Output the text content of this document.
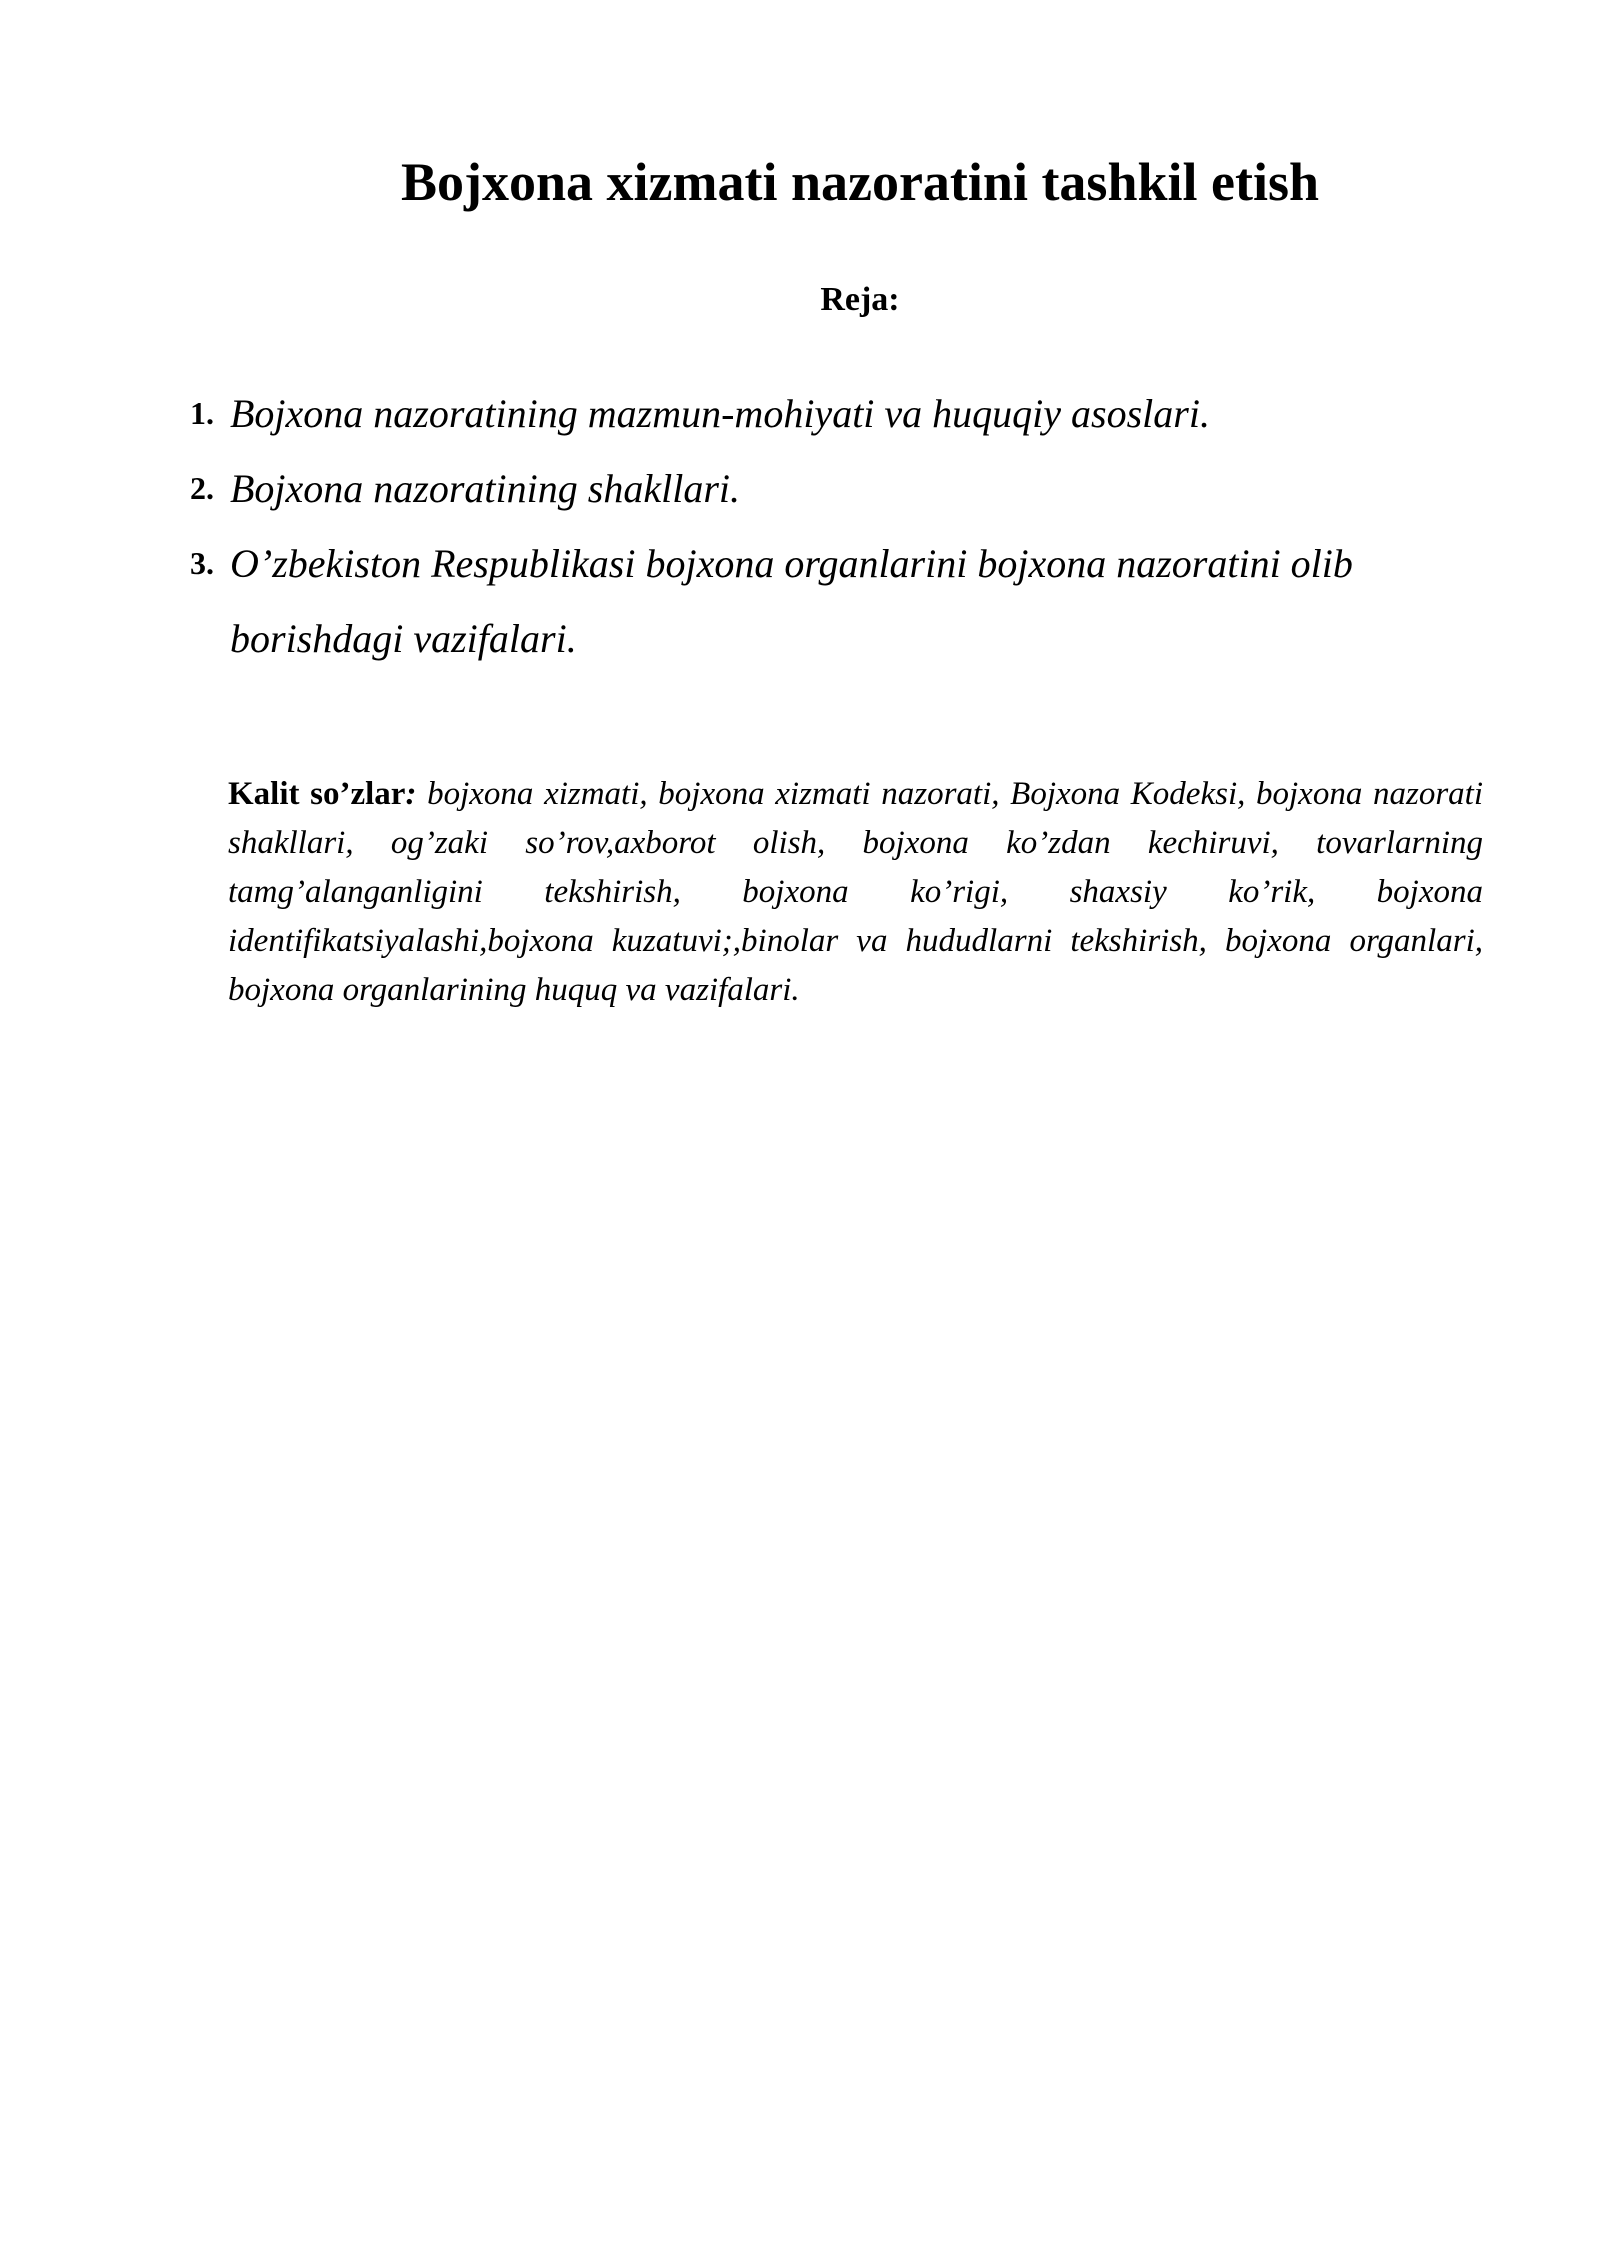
Bojxona xizmati nazoratini tashkil etish
Reja:
1. Bojxona nazoratining mazmun-mohiyati va huquqiy asoslari.
2. Bojxona nazoratining shakllari.
3. O’zbekiston Respublikasi bojxona organlarini bojxona nazoratini olib borishdagi vazifalari.

Kalit so’zlar: bojxona xizmati, bojxona xizmati nazorati, Bojxona Kodeksi, bojxona nazorati shakllari, og’zaki so’rov,axborot olish, bojxona ko’zdan kechiruvi, tovarlarning tamg’alanganligini tekshirish, bojxona ko’rigi, shaxsiy ko’rik, bojxona identifikatsiyalashi,bojxona kuzatuvi;,binolar va hududlarni tekshirish, bojxona organlari, bojxona organlarining huquq va vazifalari.
